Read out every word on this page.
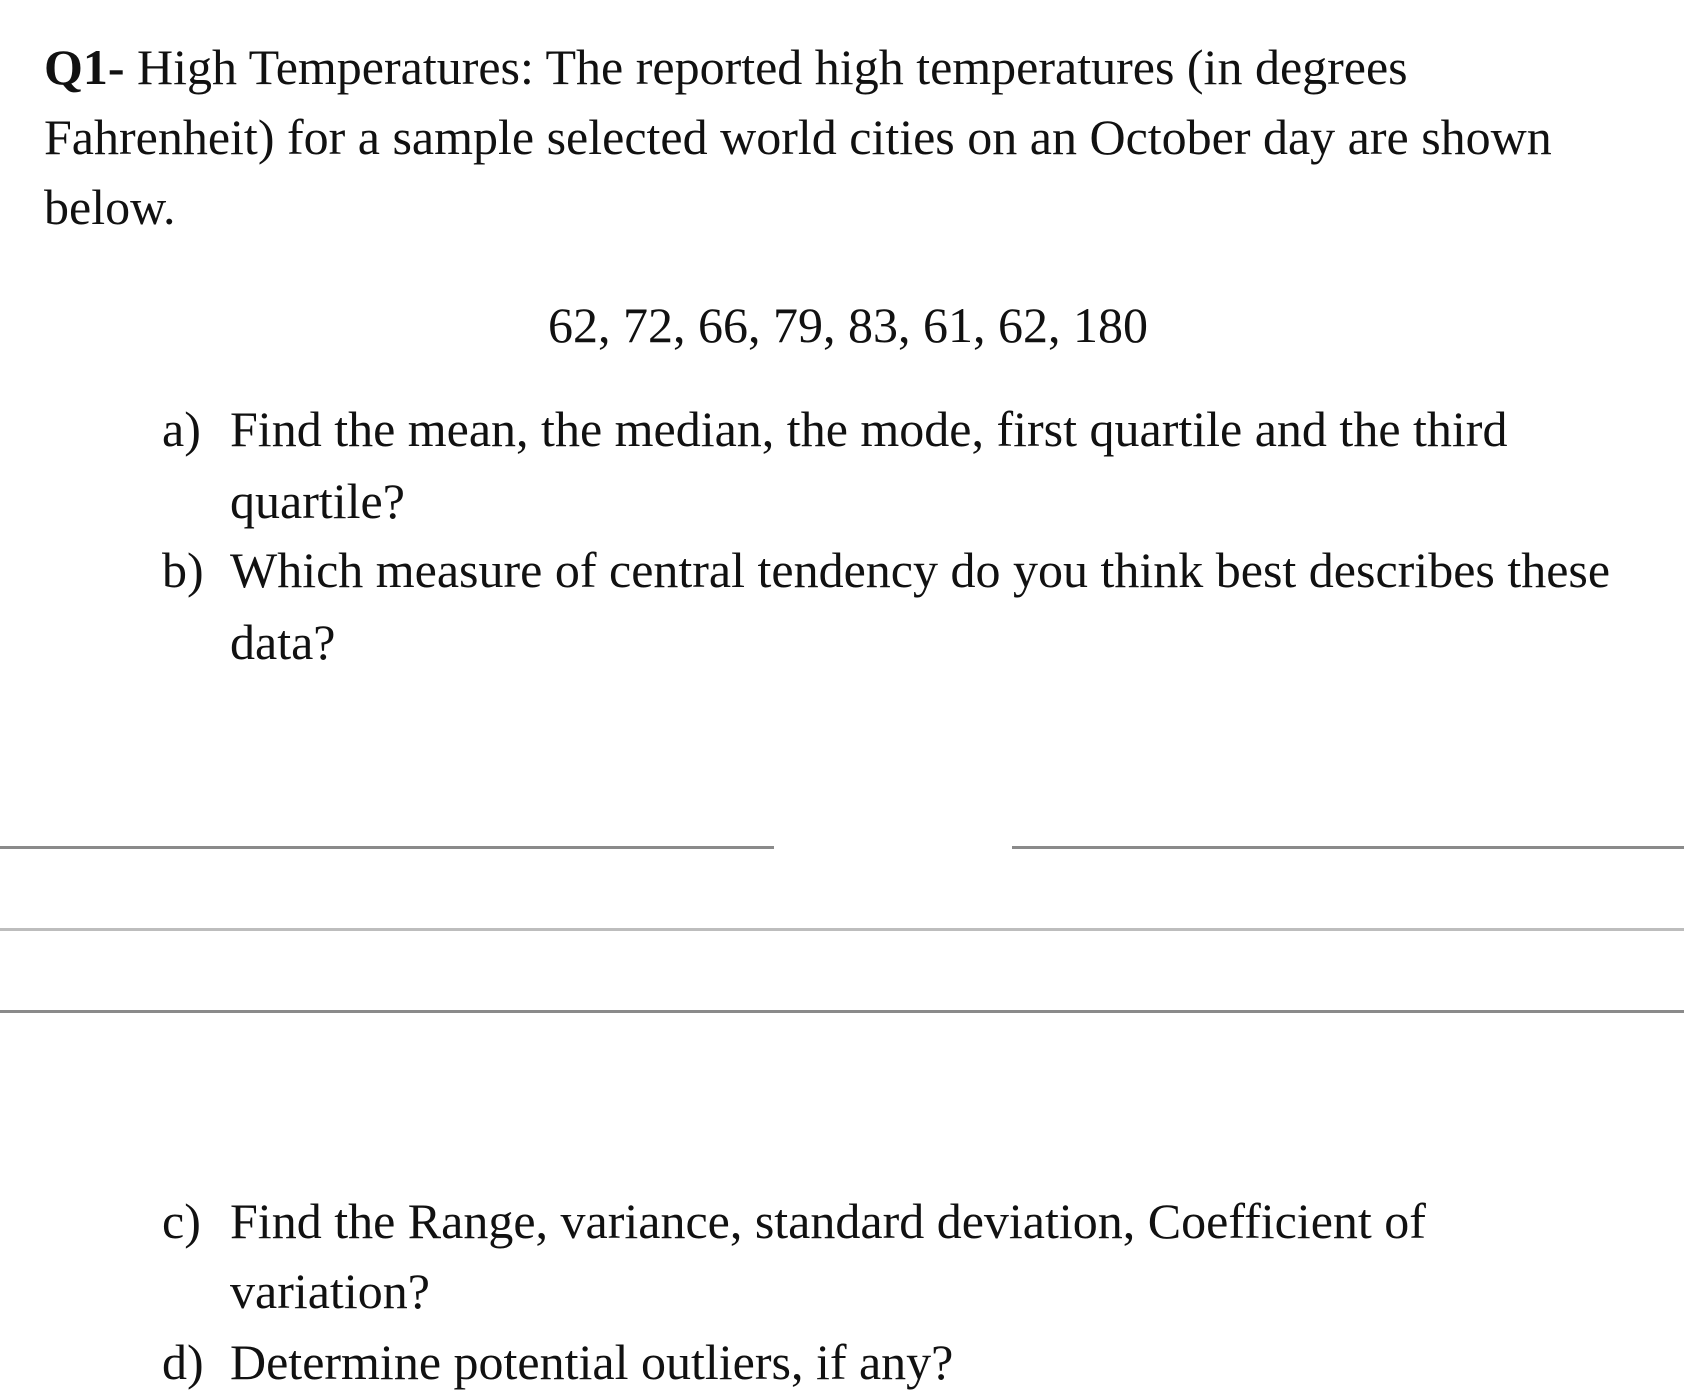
Q1- High Temperatures: The reported high temperatures (in degrees
Fahrenheit) for a sample selected world cities on an October day are shown
below.
62, 72, 66, 79, 83, 61, 62, 180
a) Find the mean, the median, the mode, first quartile and the third
quartile?
b) Which measure of central tendency do you think best describes these
data?
c) Find the Range, variance, standard deviation, Coefficient of
variation?
d) Determine potential outliers, if any?
